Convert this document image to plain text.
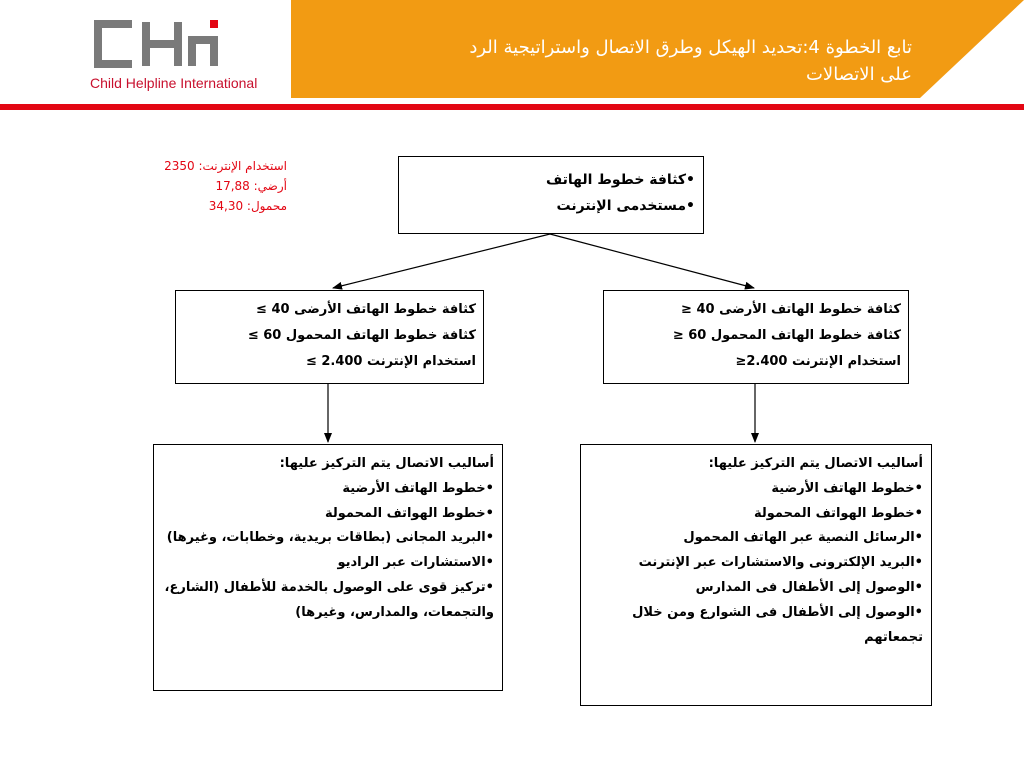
Child Helpline International
تابع الخطوة 4:تحديد الهيكل وطرق الاتصال واستراتيجية الرد
على الاتصالات
استخدام الإنترنت: 2350
أرضي: 17,88
محمول: 34,30
•كثافة خطوط الهاتف
•مستخدمى الإنترنت
كثافة خطوط الهاتف الأرضى 40 ≥
كثافة خطوط الهاتف المحمول 60 ≥
استخدام الإنترنت 2.400 ≥
كثافة خطوط الهاتف الأرضى 40 ≤
كثافة خطوط الهاتف المحمول 60 ≤
استخدام الإنترنت 2.400≤
أساليب الاتصال يتم التركيز عليها:
•خطوط الهاتف الأرضية
•خطوط الهواتف المحمولة
•البريد المجانى (بطاقات بريدية، وخطابات، وغيرها)
•الاستشارات عبر الراديو
•تركيز قوى على الوصول بالخدمة للأطفال (الشارع، والتجمعات، والمدارس، وغيرها)
أساليب الاتصال يتم التركيز عليها:
•خطوط الهاتف الأرضية
•خطوط الهواتف المحمولة
•الرسائل النصية عبر الهاتف المحمول
•البريد الإلكترونى والاستشارات عبر الإنترنت
•الوصول إلى الأطفال فى المدارس
•الوصول إلى الأطفال فى الشوارع ومن خلال تجمعاتهم
